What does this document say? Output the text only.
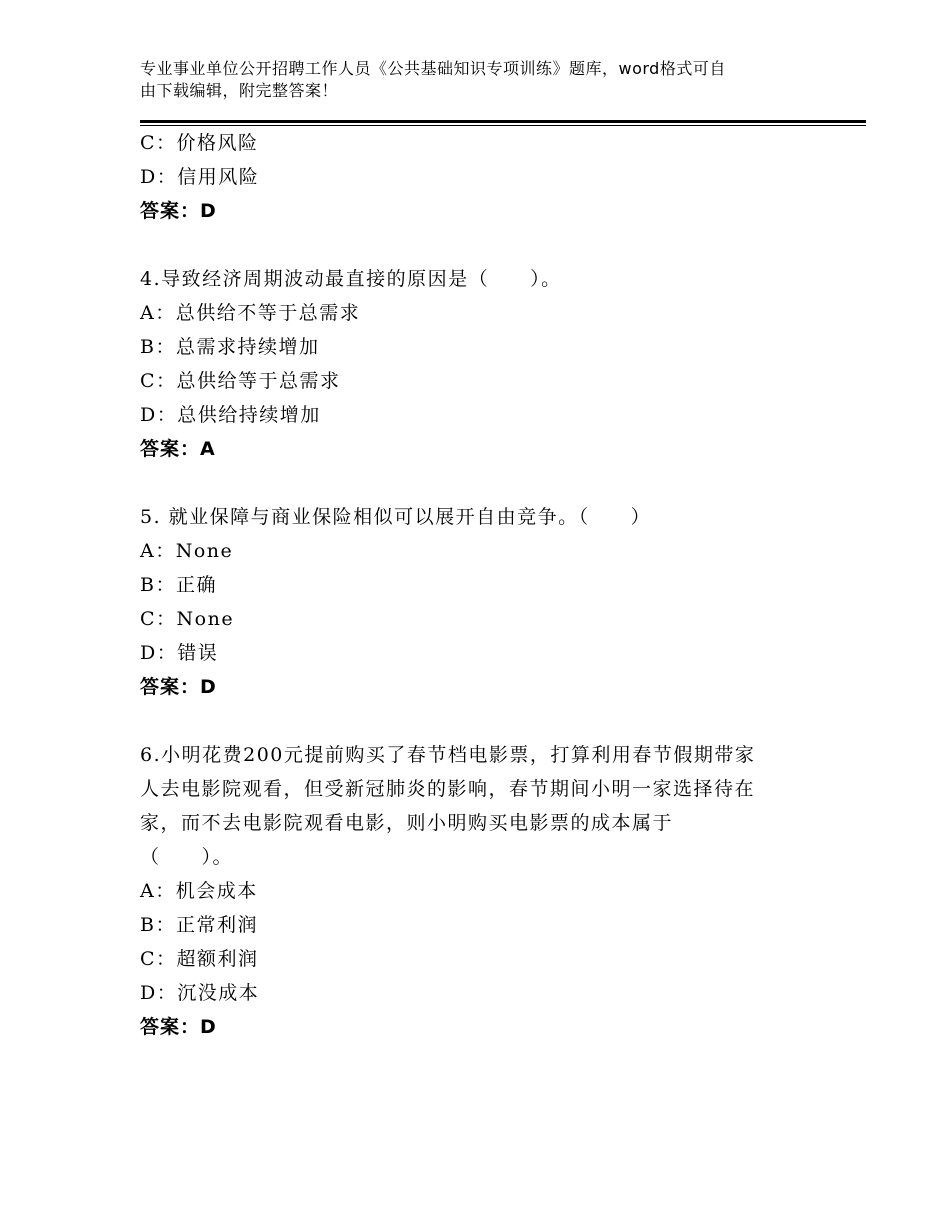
专业事业单位公开招聘工作人员《公共基础知识专项训练》题库，word格式可自
由下载编辑，附完整答案！
C：价格风险
D：信用风险
答案：D
4.导致经济周期波动最直接的原因是（　　）。
A：总供给不等于总需求
B：总需求持续增加
C：总供给等于总需求
D：总供给持续增加
答案：A
5. 就业保障与商业保险相似可以展开自由竞争。（　　）
A：None
B：正确
C：None
D：错误
答案：D
6.小明花费200元提前购买了春节档电影票，打算利用春节假期带家
人去电影院观看，但受新冠肺炎的影响，春节期间小明一家选择待在
家，而不去电影院观看电影，则小明购买电影票的成本属于
（　　）。
A：机会成本
B：正常利润
C：超额利润
D：沉没成本
答案：D
